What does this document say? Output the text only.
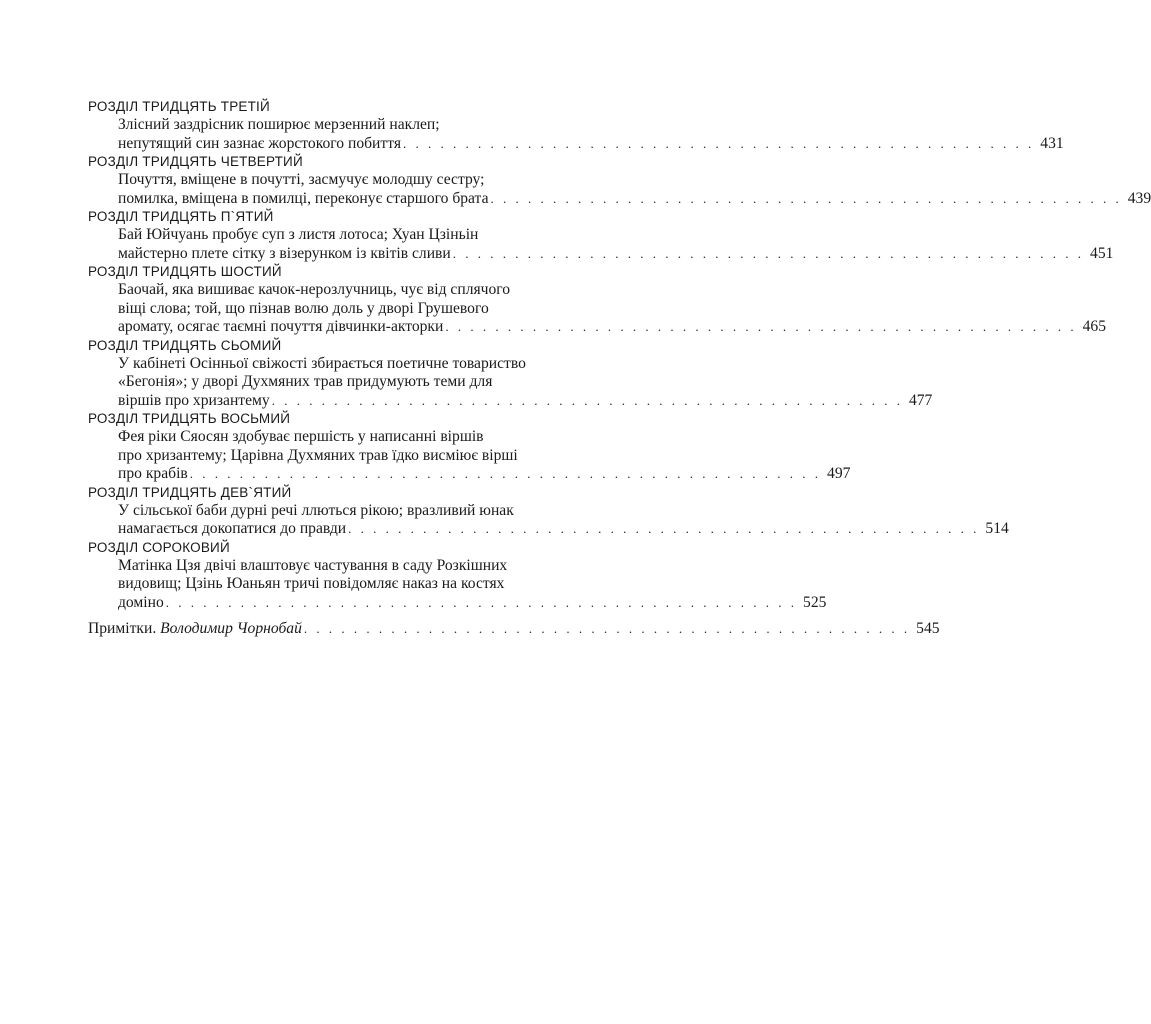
РОЗДІЛ ТРИДЦЯТЬ ТРЕТІЙ
Злісний заздрісник поширює мерзенний наклеп;
непутящий син зазнає жорстокого побиття . . . . . . . . . . . . . . . . . . . . . . . . . . . . . . . . . . . . . . . . . . . . . . . . . . . 431
РОЗДІЛ ТРИДЦЯТЬ ЧЕТВЕРТИЙ
Почуття, вміщене в почутті, засмучує молодшу сестру;
помилка, вміщена в помилці, переконує старшого брата . . . . . . . . . . . . . . . . . . . . . . . . . . . . . . . . . . . . . . . . . . . . . . . . . . . 439
РОЗДІЛ ТРИДЦЯТЬ П`ЯТИЙ
Бай Юйчуань пробує суп з листя лотоса; Хуан Цзіньін
майстерно плете сітку з візерунком із квітів сливи . . . . . . . . . . . . . . . . . . . . . . . . . . . . . . . . . . . . . . . . . . . . . . . . . . . 451
РОЗДІЛ ТРИДЦЯТЬ ШОСТИЙ
Баочай, яка вишиває качок-нерозлучниць, чує від сплячого
віщі слова; той, що пізнав волю доль у дворі Грушевого
аромату, осягає таємні почуття дівчинки-акторки . . . . . . . . . . . . . . . . . . . . . . . . . . . . . . . . . . . . . . . . . . . . . . . . . . . 465
РОЗДІЛ ТРИДЦЯТЬ СЬОМИЙ
У кабінеті Осінньої свіжості збирається поетичне товариство
«Бегонія»; у дворі Духмяних трав придумують теми для
віршів про хризантему . . . . . . . . . . . . . . . . . . . . . . . . . . . . . . . . . . . . . . . . . . . . . . . . . . . 477
РОЗДІЛ ТРИДЦЯТЬ ВОСЬМИЙ
Фея ріки Сяосян здобуває першість у написанні віршів
про хризантему; Царівна Духмяних трав їдко висміює вірші
про крабів . . . . . . . . . . . . . . . . . . . . . . . . . . . . . . . . . . . . . . . . . . . . . . . . . . . 497
РОЗДІЛ ТРИДЦЯТЬ ДЕВ`ЯТИЙ
У сільської баби дурні речі ллються рікою; вразливий юнак
намагається докопатися до правди . . . . . . . . . . . . . . . . . . . . . . . . . . . . . . . . . . . . . . . . . . . . . . . . . . . 514
РОЗДІЛ СОРОКОВИЙ
Матінка Цзя двічі влаштовує частування в саду Розкішних
видовищ; Цзінь Юаньян тричі повідомляє наказ на костях
доміно . . . . . . . . . . . . . . . . . . . . . . . . . . . . . . . . . . . . . . . . . . . . . . . . . . . 525
Примітки. Володимир Чорнобай . . . . . . . . . . . . . . . . . . . . . . . . . . . . . . . . . . . . . . . . . . . . . . . . . 545
